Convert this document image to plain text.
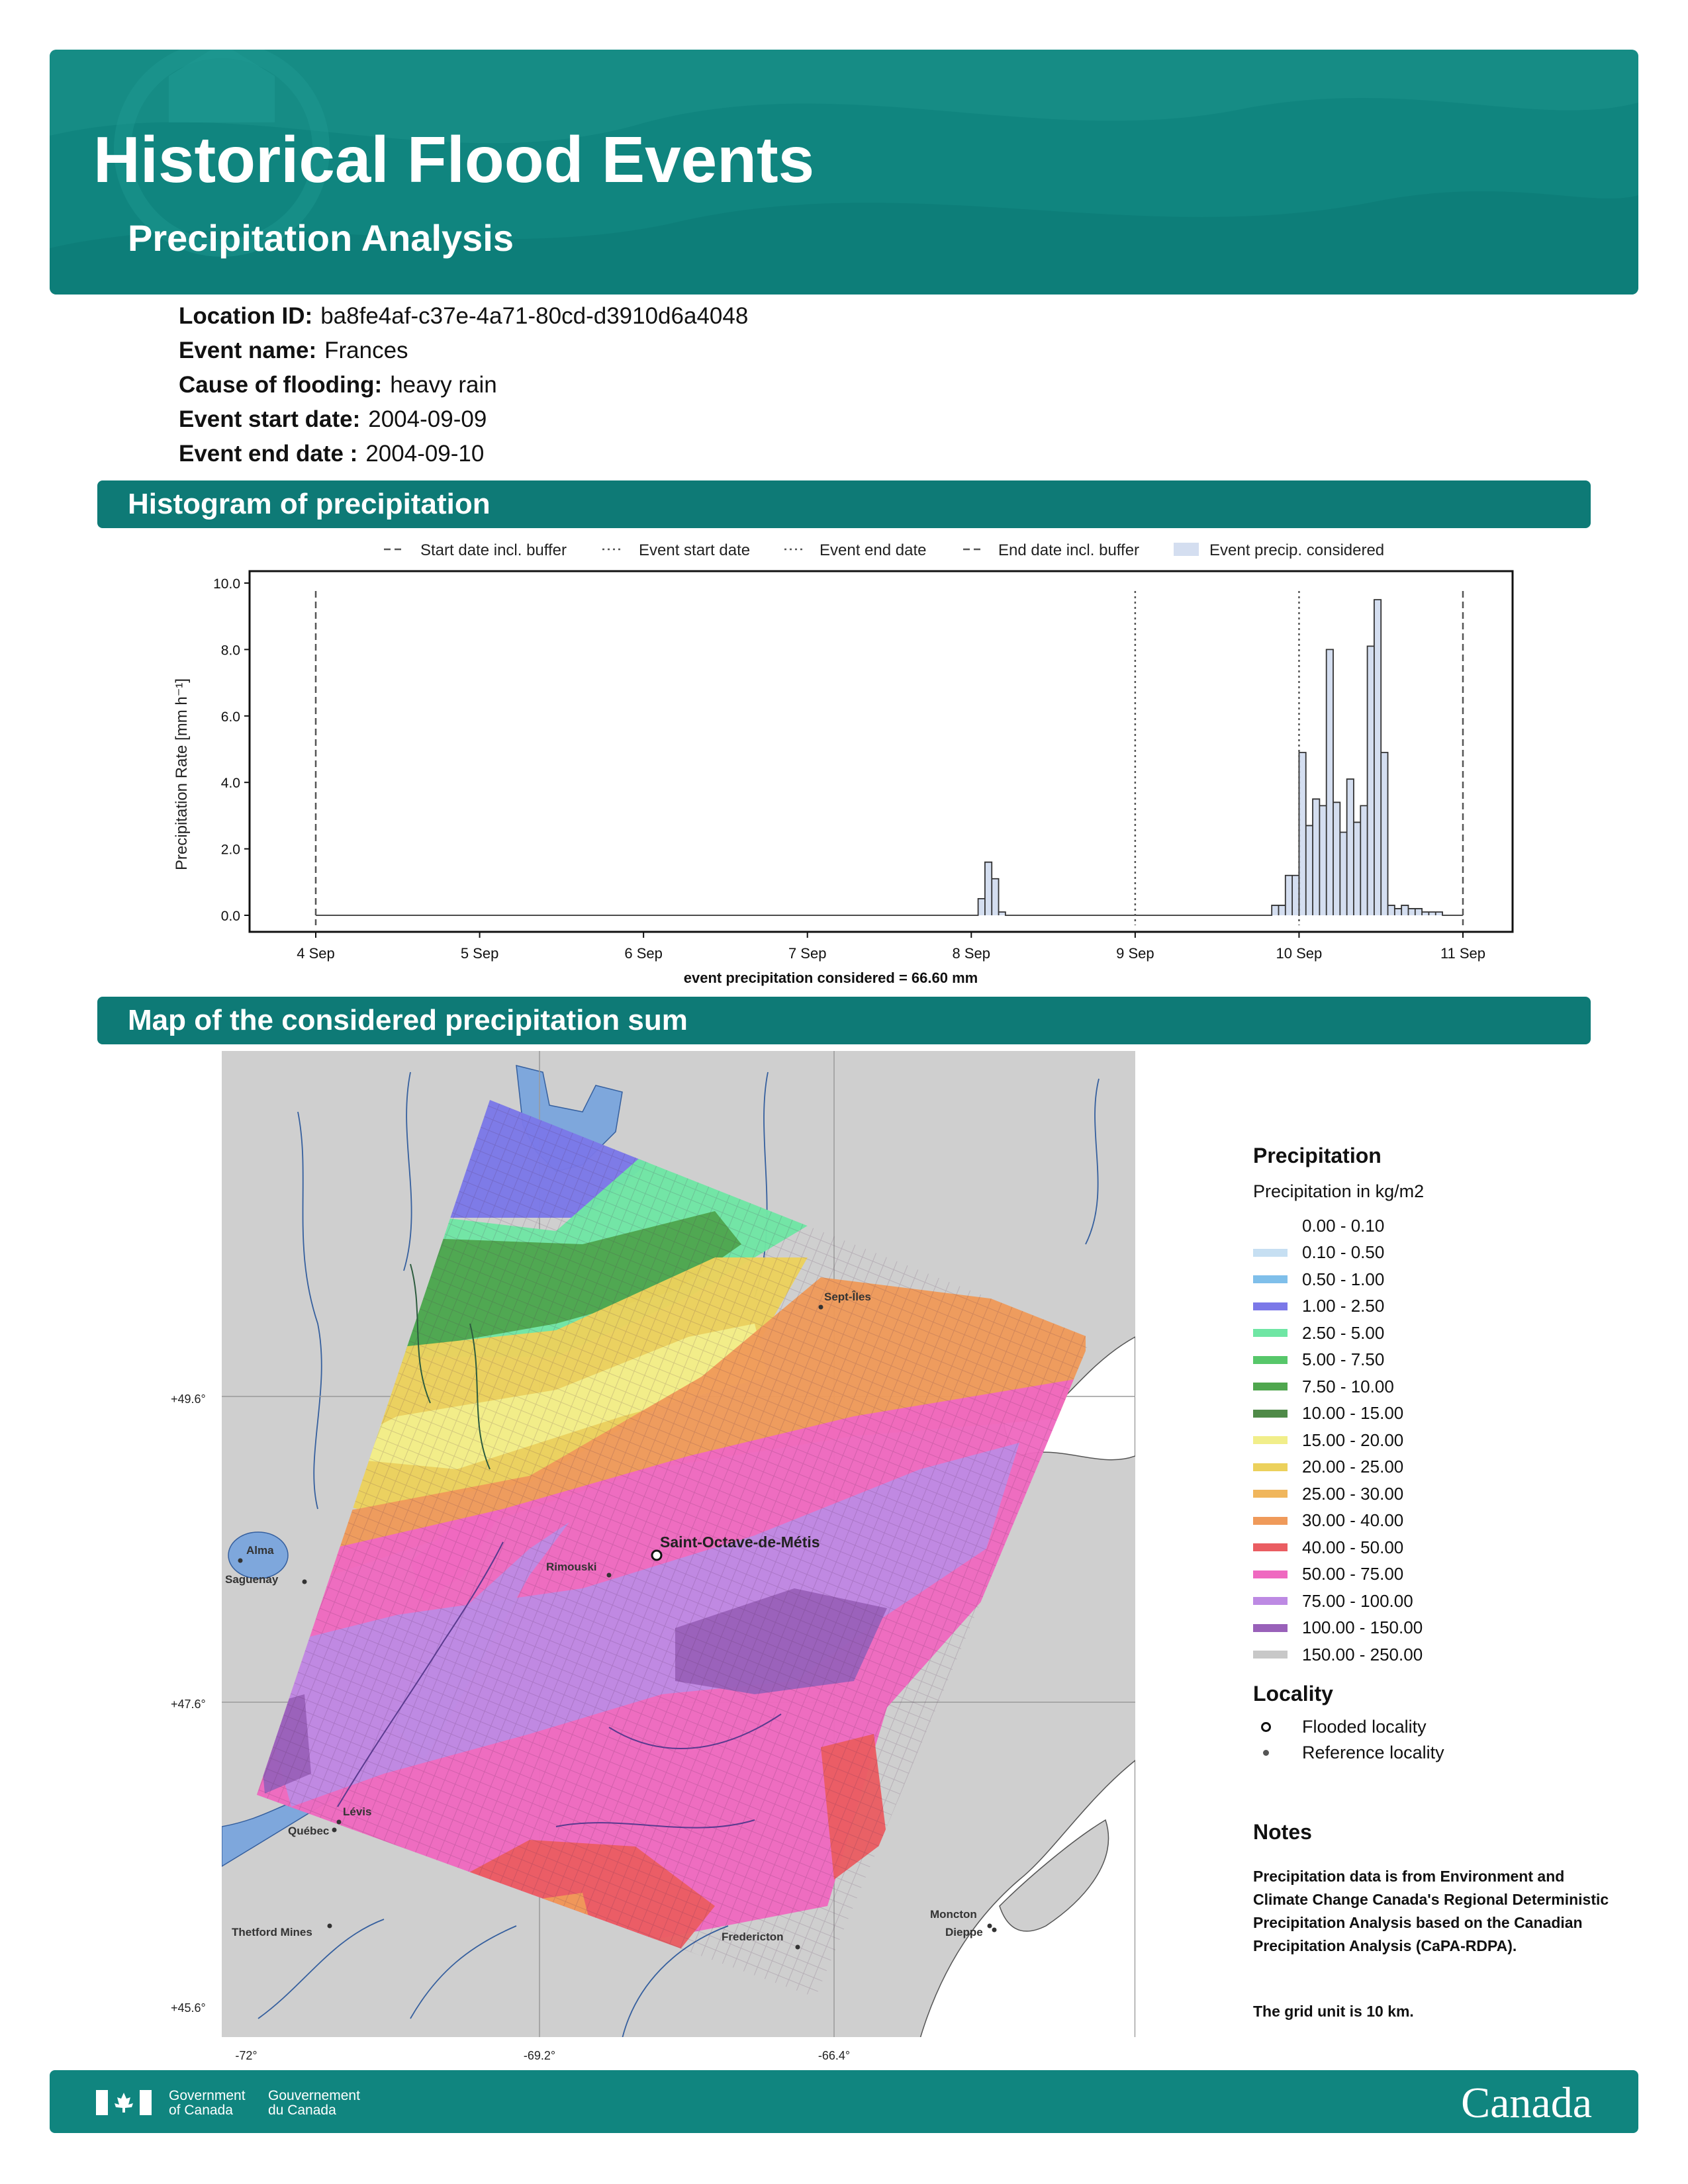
Historical Flood Events
Precipitation Analysis
Location ID: ba8fe4af-c37e-4a71-80cd-d3910d6a4048
Event name: Frances
Cause of flooding: heavy rain
Event start date: 2004-09-09
Event end date : 2004-09-10
Histogram of precipitation
Start date incl. buffer	Event start date	Event end date	End date incl. buffer	Event precip. considered
0.0
2.0
4.0
6.0
8.0
10.0
4 Sep	5 Sep	6 Sep	7 Sep	8 Sep	9 Sep	10 Sep	11 Sep
Precipitation Rate [mm h⁻¹]
event precipitation considered = 66.60 mm
Map of the considered precipitation sum
Sept-Îles
Alma
Saguenay
Rimouski
Lévis
Québec
Thetford Mines
Moncton
Dieppe
Fredericton
Saint-Octave-de-Métis
+49.6°
+47.6°
+45.6°
-72°	-69.2°	-66.4°
Precipitation
Precipitation in kg/m2
0.00 - 0.10
0.10 - 0.50
0.50 - 1.00
1.00 - 2.50
2.50 - 5.00
5.00 - 7.50
7.50 - 10.00
10.00 - 15.00
15.00 - 20.00
20.00 - 25.00
25.00 - 30.00
30.00 - 40.00
40.00 - 50.00
50.00 - 75.00
75.00 - 100.00
100.00 - 150.00
150.00 - 250.00
Locality
Flooded locality
Reference locality
Notes
Precipitation data is from Environment and Climate Change Canada's Regional Deterministic Precipitation Analysis based on the Canadian Precipitation Analysis (CaPA-RDPA).
The grid unit is 10 km.
Government
of Canada
Gouvernement
du Canada	Canada
